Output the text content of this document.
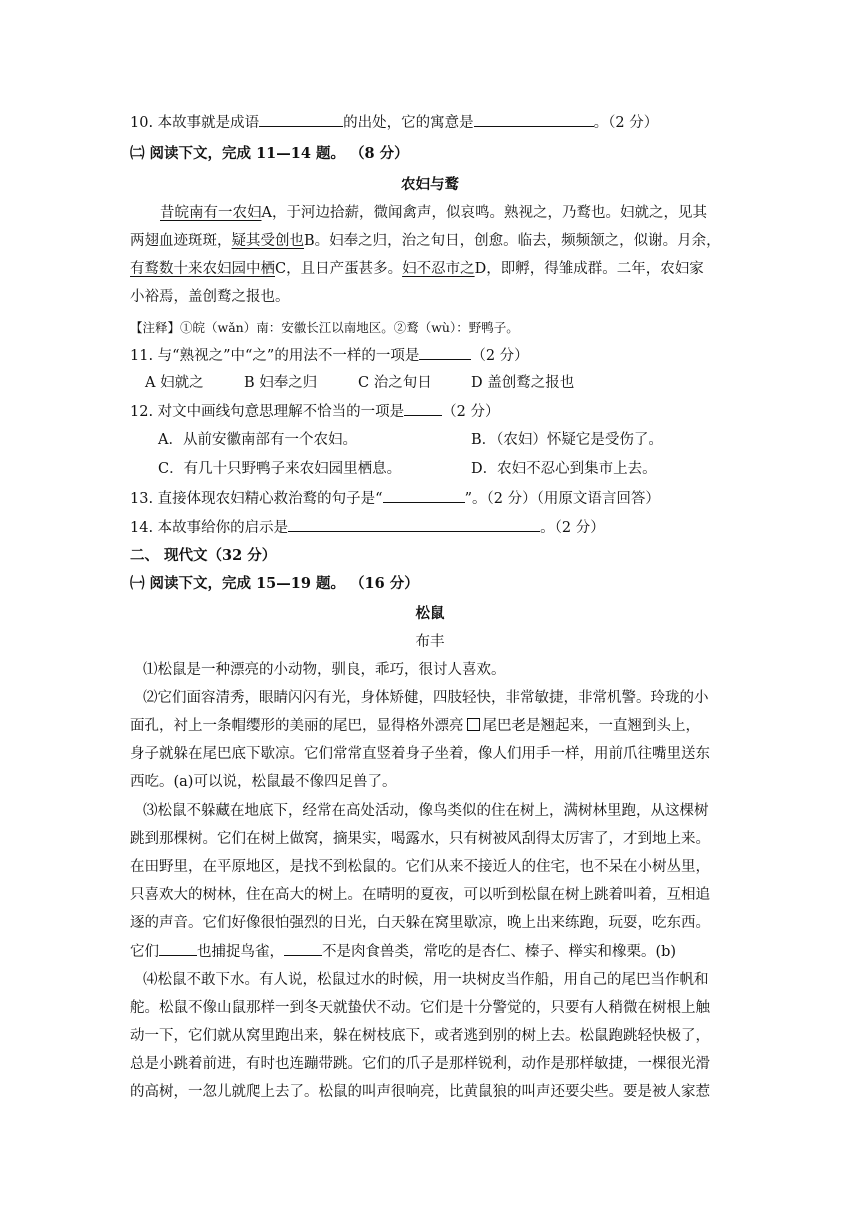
10. 本故事就是成语	的出处，它的寓意是	。（2 分）
㈡ 阅读下文，完成 11—14 题。 （8 分）
农妇与鹜
昔皖南有一农妇A，于河边拾薪，微闻禽声，似哀鸣。熟视之，乃鹜也。妇就之，见其
两翅血迹斑斑，疑其受创也B。妇奉之归，治之旬日，创愈。临去，频频颔之，似谢。月余，
有鹜数十来农妇园中栖C，且日产蛋甚多。妇不忍市之D，即孵，得雏成群。二年，农妇家
小裕焉，盖创鹜之报也。
【注释】①皖（wǎn）南：安徽长江以南地区。②鹜（wù）：野鸭子。
11. 与“熟视之”中“之”的用法不一样的一项是	（2 分）
A 妇就之	B 妇奉之归	C 治之旬日	D 盖创鹜之报也
12. 对文中画线句意思理解不恰当的一项是	（2 分）
A．从前安徽南部有一个农妇。	B．（农妇）怀疑它是受伤了。
C．有几十只野鸭子来农妇园里栖息。	D．农妇不忍心到集市上去。
13. 直接体现农妇精心救治鹜的句子是“	”。（2 分）（用原文语言回答）
14. 本故事给你的启示是	。（2 分）
二、 现代文（32 分）
㈠ 阅读下文，完成 15—19 题。 （16 分）
松鼠
布丰
⑴松鼠是一种漂亮的小动物，驯良，乖巧，很讨人喜欢。
⑵它们面容清秀，眼睛闪闪有光，身体矫健，四肢轻快，非常敏捷，非常机警。玲珑的小
面孔，衬上一条帽缨形的美丽的尾巴，显得格外漂亮 尾巴老是翘起来，一直翘到头上，
身子就躲在尾巴底下歇凉。它们常常直竖着身子坐着，像人们用手一样，用前爪往嘴里送东
西吃。(a)可以说，松鼠最不像四足兽了。
⑶松鼠不躲藏在地底下，经常在高处活动，像鸟类似的住在树上，满树林里跑，从这棵树
跳到那棵树。它们在树上做窝，摘果实，喝露水，只有树被风刮得太厉害了，才到地上来。
在田野里，在平原地区，是找不到松鼠的。它们从来不接近人的住宅，也不呆在小树丛里，
只喜欢大的树林，住在高大的树上。在晴明的夏夜，可以听到松鼠在树上跳着叫着，互相追
逐的声音。它们好像很怕强烈的日光，白天躲在窝里歇凉，晚上出来练跑，玩耍，吃东西。
它们	也捕捉鸟雀，	不是肉食兽类，常吃的是杏仁、榛子、榉实和橡栗。(b)
⑷松鼠不敢下水。有人说，松鼠过水的时候，用一块树皮当作船，用自己的尾巴当作帆和
舵。松鼠不像山鼠那样一到冬天就蛰伏不动。它们是十分警觉的，只要有人稍微在树根上触
动一下，它们就从窝里跑出来，躲在树枝底下，或者逃到别的树上去。松鼠跑跳轻快极了，
总是小跳着前进，有时也连蹦带跳。它们的爪子是那样锐利，动作是那样敏捷，一棵很光滑
的高树，一忽儿就爬上去了。松鼠的叫声很响亮，比黄鼠狼的叫声还要尖些。要是被人家惹
